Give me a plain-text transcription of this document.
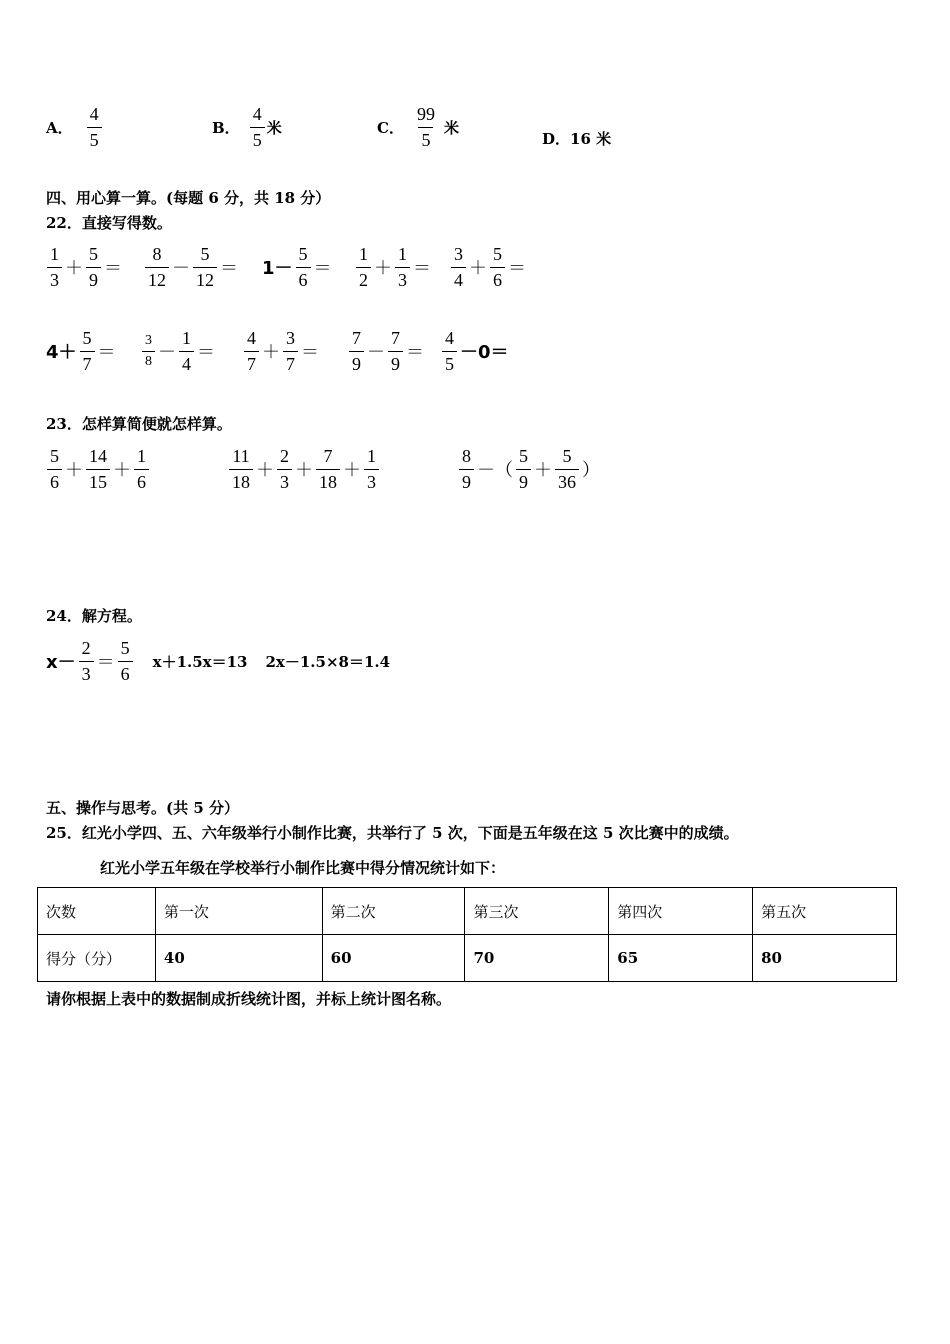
A． $\frac{4}{5}$	B． $\frac{4}{5}$ 米	C． $\frac{99}{5}$ 米
D．16 米
四、用心算一算。(每题 6 分，共 18 分）
22．直接写得数。
$\frac{1}{3} + \frac{5}{9} = \frac{8}{12} - \frac{5}{12} = 1- \frac{5}{6} = \frac{1}{2} + \frac{1}{3} = \frac{3}{4} + \frac{5}{6}$ ＝
$4+ \frac{5}{7} = \frac{3}{8} - \frac{1}{4} = \frac{4}{7} + \frac{3}{7} = \frac{7}{9} - \frac{7}{9} = \frac{4}{5} -0=$
23．怎样算简便就怎样算。
$\frac{5}{6} + \frac{14}{15} + \frac{1}{6}$	$\frac{11}{18} + \frac{2}{3} + \frac{7}{18} + \frac{1}{3}$	$\frac{8}{9}$ －（ $\frac{5}{9} + \frac{5}{36}$ ）
24．解方程。
$x- \frac{2}{3} = \frac{5}{6} x+1.5x=13$ 2x－1.5×8＝1.4
五、操作与思考。(共 5 分）
25．红光小学四、五、六年级举行小制作比赛，共举行了 5 次，下面是五年级在这 5 次比赛中的成绩。
红光小学五年级在学校举行小制作比赛中得分情况统计如下：
次数	第一次	第二次	第三次	第四次	第五次
得分（分）	40	60	70	65	80
请你根据上表中的数据制成折线统计图，并标上统计图名称。
